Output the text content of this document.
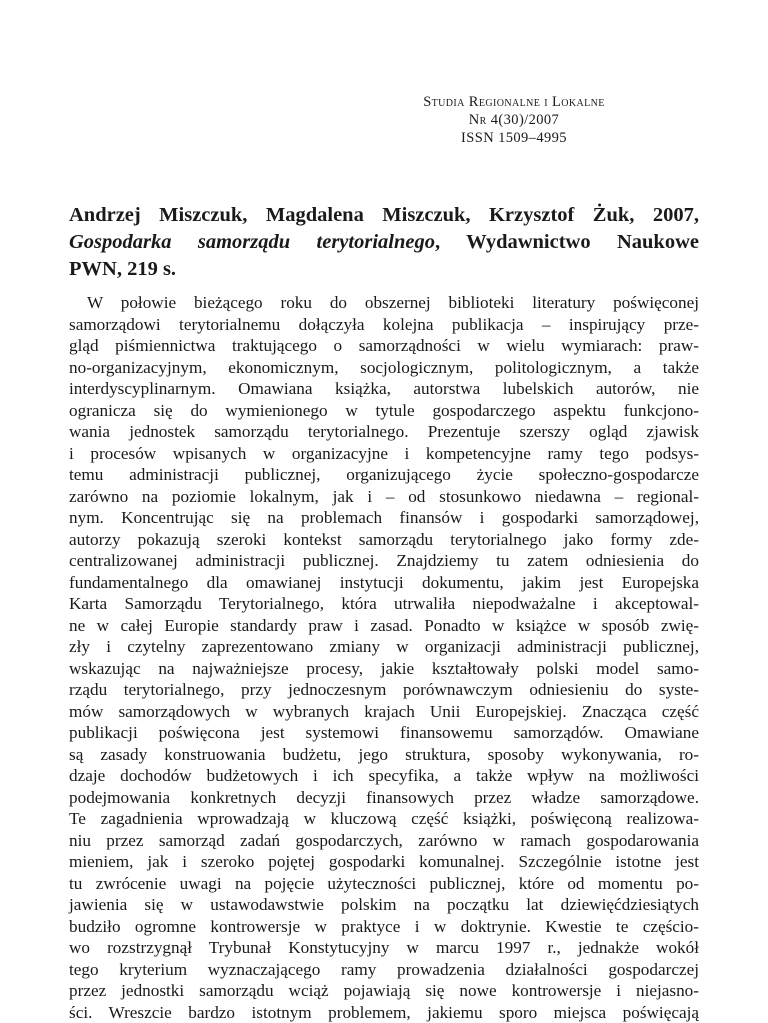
Studia Regionalne i Lokalne
Nr 4(30)/2007
ISSN 1509–4995
Andrzej Miszczuk, Magdalena Miszczuk, Krzysztof Żuk, 2007,
Gospodarka samorządu terytorialnego, Wydawnictwo Naukowe
PWN, 219 s.
W połowie bieżącego roku do obszernej biblioteki literatury poświęconej
samorządowi terytorialnemu dołączyła kolejna publikacja – inspirujący prze-
gląd piśmiennictwa traktującego o samorządności w wielu wymiarach: praw-
no-organizacyjnym, ekonomicznym, socjologicznym, politologicznym, a także
interdyscyplinarnym. Omawiana książka, autorstwa lubelskich autorów, nie
ogranicza się do wymienionego w tytule gospodarczego aspektu funkcjono-
wania jednostek samorządu terytorialnego. Prezentuje szerszy ogląd zjawisk
i procesów wpisanych w organizacyjne i kompetencyjne ramy tego podsys-
temu administracji publicznej, organizującego życie społeczno-gospodarcze
zarówno na poziomie lokalnym, jak i – od stosunkowo niedawna – regional-
nym. Koncentrując się na problemach finansów i gospodarki samorządowej,
autorzy pokazują szeroki kontekst samorządu terytorialnego jako formy zde-
centralizowanej administracji publicznej. Znajdziemy tu zatem odniesienia do
fundamentalnego dla omawianej instytucji dokumentu, jakim jest Europejska
Karta Samorządu Terytorialnego, która utrwaliła niepodważalne i akceptowal-
ne w całej Europie standardy praw i zasad. Ponadto w książce w sposób zwię-
zły i czytelny zaprezentowano zmiany w organizacji administracji publicznej,
wskazując na najważniejsze procesy, jakie kształtowały polski model samo-
rządu terytorialnego, przy jednoczesnym porównawczym odniesieniu do syste-
mów samorządowych w wybranych krajach Unii Europejskiej. Znacząca część
publikacji poświęcona jest systemowi finansowemu samorządów. Omawiane
są zasady konstruowania budżetu, jego struktura, sposoby wykonywania, ro-
dzaje dochodów budżetowych i ich specyfika, a także wpływ na możliwości
podejmowania konkretnych decyzji finansowych przez władze samorządowe.
Te zagadnienia wprowadzają w kluczową część książki, poświęconą realizowa-
niu przez samorząd zadań gospodarczych, zarówno w ramach gospodarowania
mieniem, jak i szeroko pojętej gospodarki komunalnej. Szczególnie istotne jest
tu zwrócenie uwagi na pojęcie użyteczności publicznej, które od momentu po-
jawienia się w ustawodawstwie polskim na początku lat dziewięćdziesiątych
budziło ogromne kontrowersje w praktyce i w doktrynie. Kwestie te częścio-
wo rozstrzygnął Trybunał Konstytucyjny w marcu 1997 r., jednakże wokół
tego kryterium wyznaczającego ramy prowadzenia działalności gospodarczej
przez jednostki samorządu wciąż pojawiają się nowe kontrowersje i niejasno-
ści. Wreszcie bardzo istotnym problemem, jakiemu sporo miejsca poświęcają
